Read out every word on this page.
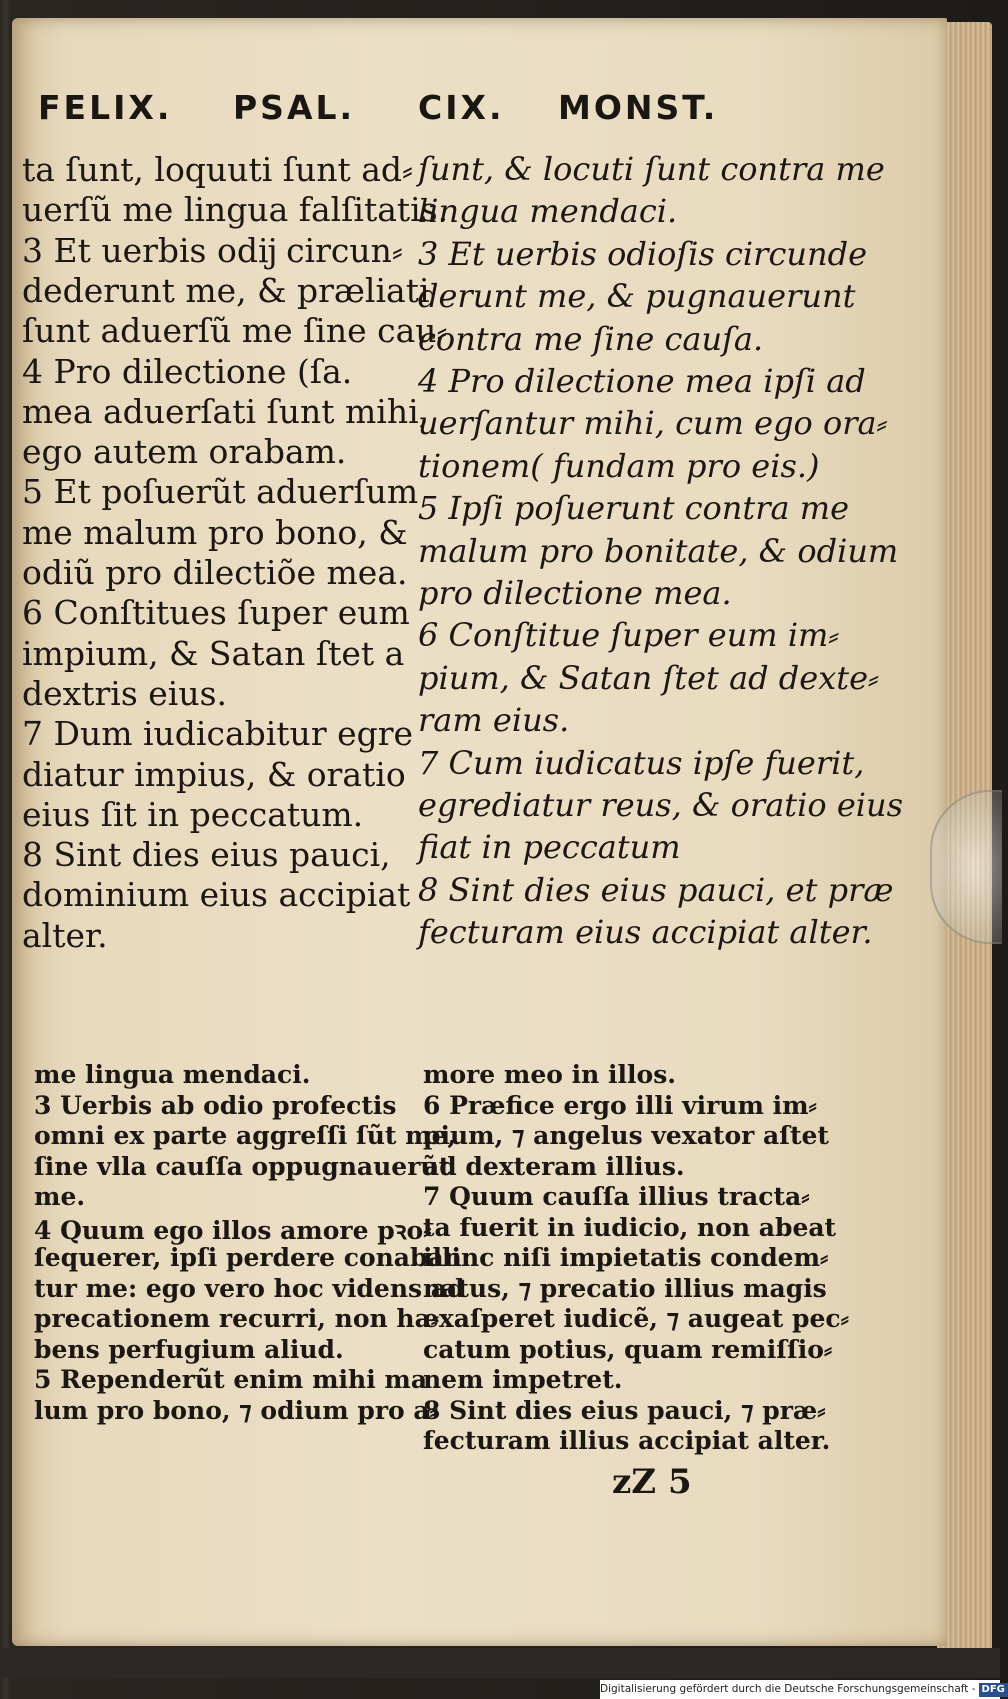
FELIX. PSAL. CIX. MONST.
ta ſunt, loquuti ſunt ad⸗
uerſũ me lingua falſitatis.
3 Et uerbis odĳ circun⸗
dederunt me, & præliati
ſunt aduerſũ me ſine cau⸗
4 Pro dilectione (ſa.
mea aduerſati ſunt mihi,
ego autem orabam.
5 Et poſuerũt aduerſum
me malum pro bono, &
odiũ pro dilectiõe mea.
6 Conſtitues ſuper eum
impium, & Satan ſtet a
dextris eius.
7 Dum iudicabitur egre
diatur impius, & oratio
eius ſit in peccatum.
8 Sint dies eius pauci,
dominium eius accipiat
alter.
ſunt, & locuti ſunt contra me
lingua mendaci.
3 Et uerbis odioſis circunde
derunt me, & pugnauerunt
contra me ſine cauſa.
4 Pro dilectione mea ipſi ad
uerſantur mihi, cum ego ora⸗
tionem( fundam pro eis.)
5 Ipſi poſuerunt contra me
malum pro bonitate, & odium
pro dilectione mea.
6 Conſtitue ſuper eum im⸗
pium, & Satan ſtet ad dexte⸗
ram eius.
7 Cum iudicatus ipſe fuerit,
egrediatur reus, & oratio eius
fiat in peccatum
8 Sint dies eius pauci, et præ
fecturam eius accipiat alter.
me lingua mendaci.
3 Uerbis ab odio profectis
omni ex parte aggreſſi ſũt me,
ſine vlla cauſſa oppugnauerũt
me.
4 Quum ego illos amore pꝛo⸗
ſequerer, ipſi perdere conaban
tur me: ego vero hoc videns ad
precationem recurri, non ha⸗
bens perfugium aliud.
5 Rependerũt enim mihi ma
lum pro bono, ⁊ odium pro a⸗
more meo in illos.
6 Præfice ergo illi virum im⸗
pium, ⁊ angelus vexator aſtet
ad dexteram illius.
7 Quum cauſſa illius tracta⸗
ta fuerit in iudicio, non abeat
illinc niſi impietatis condem⸗
natus, ⁊ precatio illius magis
exaſperet iudicẽ, ⁊ augeat pec⸗
catum potius, quam remiſſio⸗
nem impetret.
8 Sint dies eius pauci, ⁊ præ⸗
fecturam illius accipiat alter.
zZ 5
Digitalisierung gefördert durch die Deutsche Forschungsgemeinschaft - DFG
